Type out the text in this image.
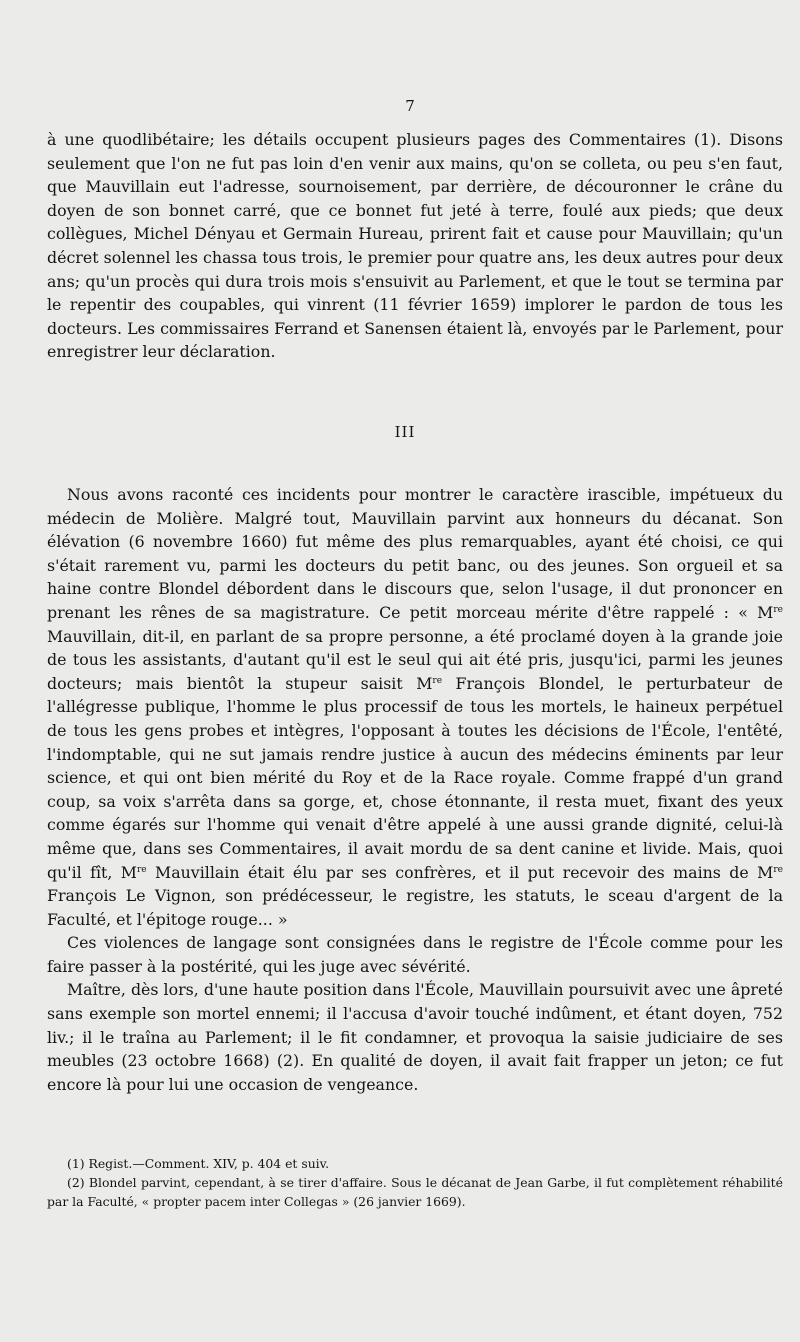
7

à une quodlibétaire; les détails occupent plusieurs pages des Commentaires (1). Disons seulement que l'on ne fut pas loin d'en venir aux mains, qu'on se colleta, ou peu s'en faut, que Mauvillain eut l'adresse, sournoisement, par derrière, de découronner le crâne du doyen de son bonnet carré, que ce bonnet fut jeté à terre, foulé aux pieds; que deux collègues, Michel Dényau et Germain Hureau, prirent fait et cause pour Mauvillain; qu'un décret solennel les chassa tous trois, le premier pour quatre ans, les deux autres pour deux ans; qu'un procès qui dura trois mois s'ensuivit au Parlement, et que le tout se termina par le repentir des coupables, qui vinrent (11 février 1659) implorer le pardon de tous les docteurs. Les commissaires Ferrand et Sanensen étaient là, envoyés par le Parlement, pour enregistrer leur déclaration.

III

Nous avons raconté ces incidents pour montrer le caractère irascible, impétueux du médecin de Molière. Malgré tout, Mauvillain parvint aux honneurs du décanat. Son élévation (6 novembre 1660) fut même des plus remarquables, ayant été choisi, ce qui s'était rarement vu, parmi les docteurs du petit banc, ou des jeunes. Son orgueil et sa haine contre Blondel débordent dans le discours que, selon l'usage, il dut prononcer en prenant les rênes de sa magistrature. Ce petit morceau mérite d'être rappelé : « Mre Mauvillain, dit-il, en parlant de sa propre personne, a été proclamé doyen à la grande joie de tous les assistants, d'autant qu'il est le seul qui ait été pris, jusqu'ici, parmi les jeunes docteurs; mais bientôt la stupeur saisit Mre François Blondel, le perturbateur de l'allégresse publique, l'homme le plus processif de tous les mortels, le haineux perpétuel de tous les gens probes et intègres, l'opposant à toutes les décisions de l'École, l'entêté, l'indomptable, qui ne sut jamais rendre justice à aucun des médecins éminents par leur science, et qui ont bien mérité du Roy et de la Race royale. Comme frappé d'un grand coup, sa voix s'arrêta dans sa gorge, et, chose étonnante, il resta muet, fixant des yeux comme égarés sur l'homme qui venait d'être appelé à une aussi grande dignité, celui-là même que, dans ses Commentaires, il avait mordu de sa dent canine et livide. Mais, quoi qu'il fît, Mre Mauvillain était élu par ses confrères, et il put recevoir des mains de Mre François Le Vignon, son prédécesseur, le registre, les statuts, le sceau d'argent de la Faculté, et l'épitoge rouge... »

Ces violences de langage sont consignées dans le registre de l'École comme pour les faire passer à la postérité, qui les juge avec sévérité.

Maître, dès lors, d'une haute position dans l'École, Mauvillain poursuivit avec une âpreté sans exemple son mortel ennemi; il l'accusa d'avoir touché indûment, et étant doyen, 752 liv.; il le traîna au Parlement; il le fit condamner, et provoqua la saisie judiciaire de ses meubles (23 octobre 1668) (2). En qualité de doyen, il avait fait frapper un jeton; ce fut encore là pour lui une occasion de vengeance.

(1) Regist.—Comment. XIV, p. 404 et suiv.

(2) Blondel parvint, cependant, à se tirer d'affaire. Sous le décanat de Jean Garbe, il fut complètement réhabilité par la Faculté, « propter pacem inter Collegas » (26 janvier 1669).
